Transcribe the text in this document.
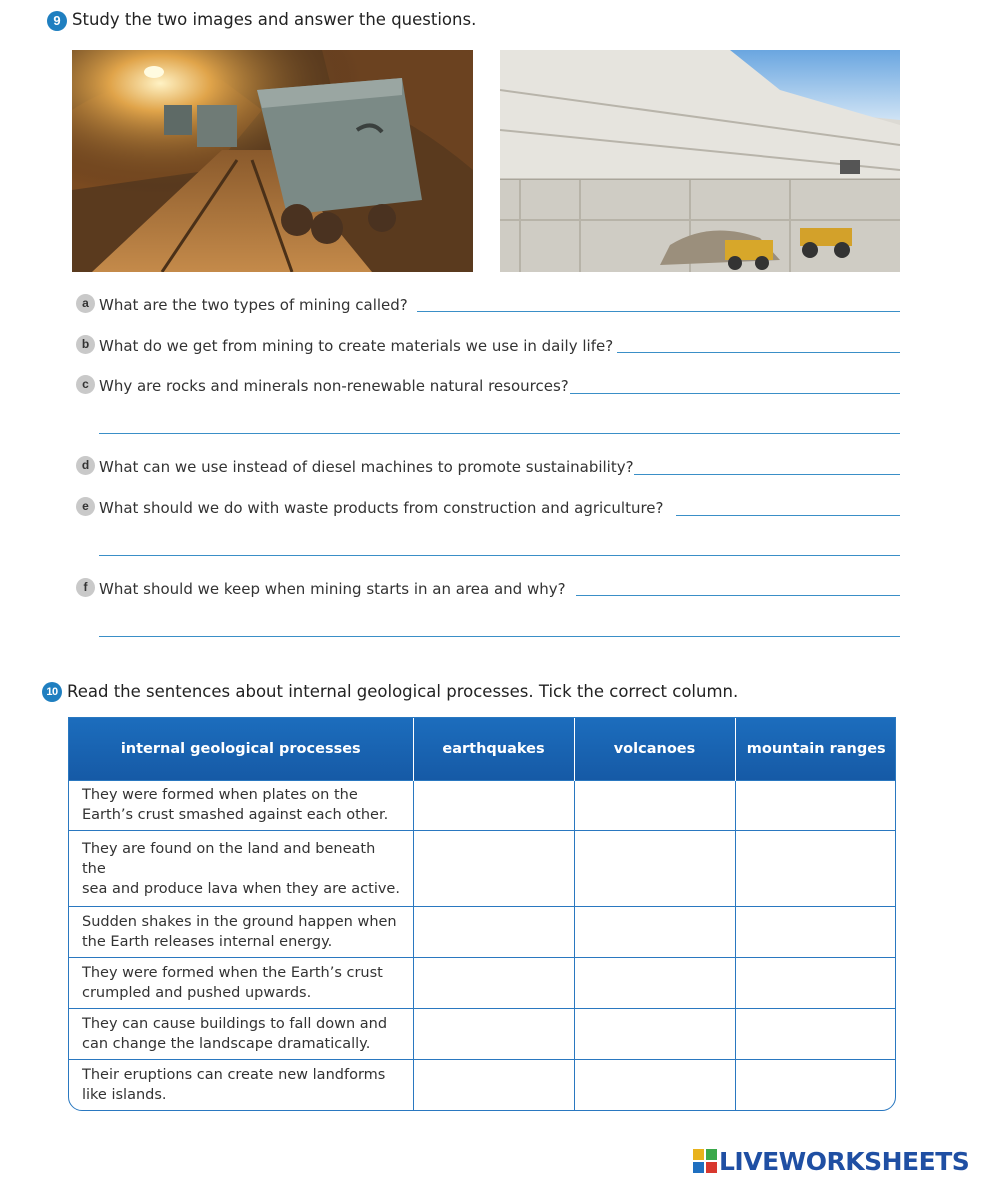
9 Study the two images and answer the questions.
a What are the two types of mining called?
b What do we get from mining to create materials we use in daily life?
c Why are rocks and minerals non-renewable natural resources?
d What can we use instead of diesel machines to promote sustainability?
e What should we do with waste products from construction and agriculture?
f What should we keep when mining starts in an area and why?
10 Read the sentences about internal geological processes. Tick the correct column.
internal geological processes	earthquakes	volcanoes	mountain ranges
They were formed when plates on the
Earth’s crust smashed against each other.			
They are found on the land and beneath the
sea and produce lava when they are active.			
Sudden shakes in the ground happen when
the Earth releases internal energy.			
They were formed when the Earth’s crust
crumpled and pushed upwards.			
They can cause buildings to fall down and
can change the landscape dramatically.			
Their eruptions can create new landforms
like islands.			
LIVEWORKSHEETS
